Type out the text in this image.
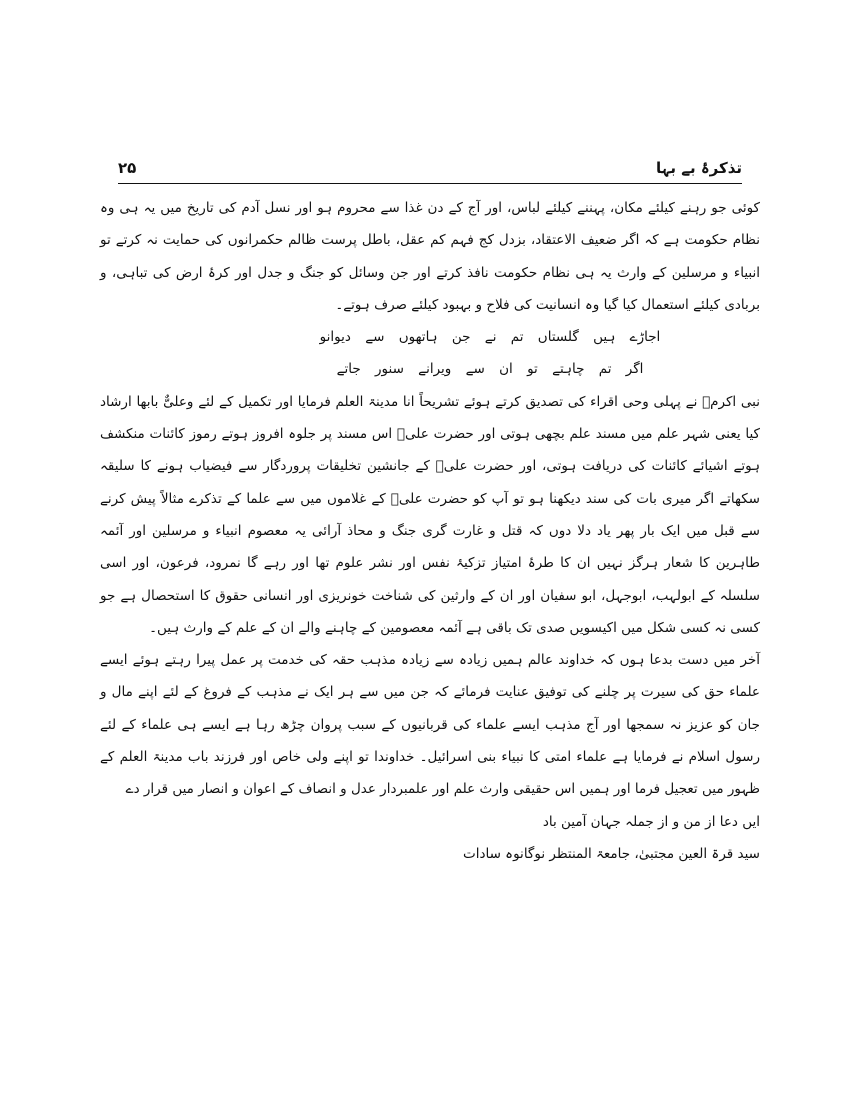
۲۵	تذکرۂ بے بہا

کوئی جو رہنے کیلئے مکان، پہننے کیلئے لباس، اور آج کے دن غذا سے محروم ہو اور نسل آدم کی تاریخ میں یہ ہی وہ نظام حکومت ہے کہ اگر ضعیف الاعتقاد، بزدل کج فہم کم عقل، باطل پرست ظالم حکمرانوں کی حمایت نہ کرتے تو انبیاء و مرسلین کے وارث یہ ہی نظام حکومت نافذ کرتے اور جن وسائل کو جنگ و جدل اور کرۂ ارض کی تباہی، و بربادی کیلئے استعمال کیا گیا وہ انسانیت کی فلاح و بہبود کیلئے صرف ہوتے۔

اجاڑے ہیں گلستاں تم نے جن ہاتھوں سے دیوانو

اگر تم چاہتے تو ان سے ویرانے سنور جاتے

نبی اکرمؐ نے پہلی وحی اقراء کی تصدیق کرتے ہوئے تشریحاً انا مدینۃ العلم فرمایا اور تکمیل کے لئے وعلیٌّ بابھا ارشاد کیا یعنی شہر علم میں مسند علم بچھی ہوتی اور حضرت علیؑ اس مسند پر جلوہ افروز ہوتے رموز کائنات منکشف ہوتے اشیائے کائنات کی دریافت ہوتی، اور حضرت علیؑ کے جانشین تخلیقات پروردگار سے فیضیاب ہونے کا سلیقہ سکھاتے اگر میری بات کی سند دیکھنا ہو تو آپ کو حضرت علیؑ کے غلاموں میں سے علما کے تذکرے مثالاً پیش کرنے سے قبل میں ایک بار پھر یاد دلا دوں کہ قتل و غارت گری جنگ و محاذ آرائی یہ معصوم انبیاء و مرسلین اور آئمہ طاہرین کا شعار ہرگز نہیں ان کا طرۂ امتیاز تزکیۂ نفس اور نشر علوم تھا اور رہے گا نمرود، فرعون، اور اسی سلسلہ کے ابولہب، ابوجہل، ابو سفیان اور ان کے وارثین کی شناخت خونریزی اور انسانی حقوق کا استحصال ہے جو کسی نہ کسی شکل میں اکیسویں صدی تک باقی ہے آئمہ معصومین کے چاہنے والے ان کے علم کے وارث ہیں۔

آخر میں دست بدعا ہوں کہ خداوند عالم ہمیں زیادہ سے زیادہ مذہب حقہ کی خدمت پر عمل پیرا رہتے ہوئے ایسے علماء حق کی سیرت پر چلنے کی توفیق عنایت فرمائے کہ جن میں سے ہر ایک نے مذہب کے فروغ کے لئے اپنے مال و جان کو عزیز نہ سمجھا اور آج مذہب ایسے علماء کی قربانیوں کے سبب پروان چڑھ رہا ہے ایسے ہی علماء کے لئے رسول اسلام نے فرمایا ہے علماء امتی کا نبیاء بنی اسرائیل۔ خداوندا تو اپنے ولی خاص اور فرزند باب مدینۃ العلم کے ظہور میں تعجیل فرما اور ہمیں اس حقیقی وارث علم اور علمبردار عدل و انصاف کے اعوان و انصار میں قرار دے

ایں دعا از من و از جملہ جہان آمین باد

سید قرۃ العین مجتبیٰ، جامعۃ المنتظر نوگانوہ سادات
